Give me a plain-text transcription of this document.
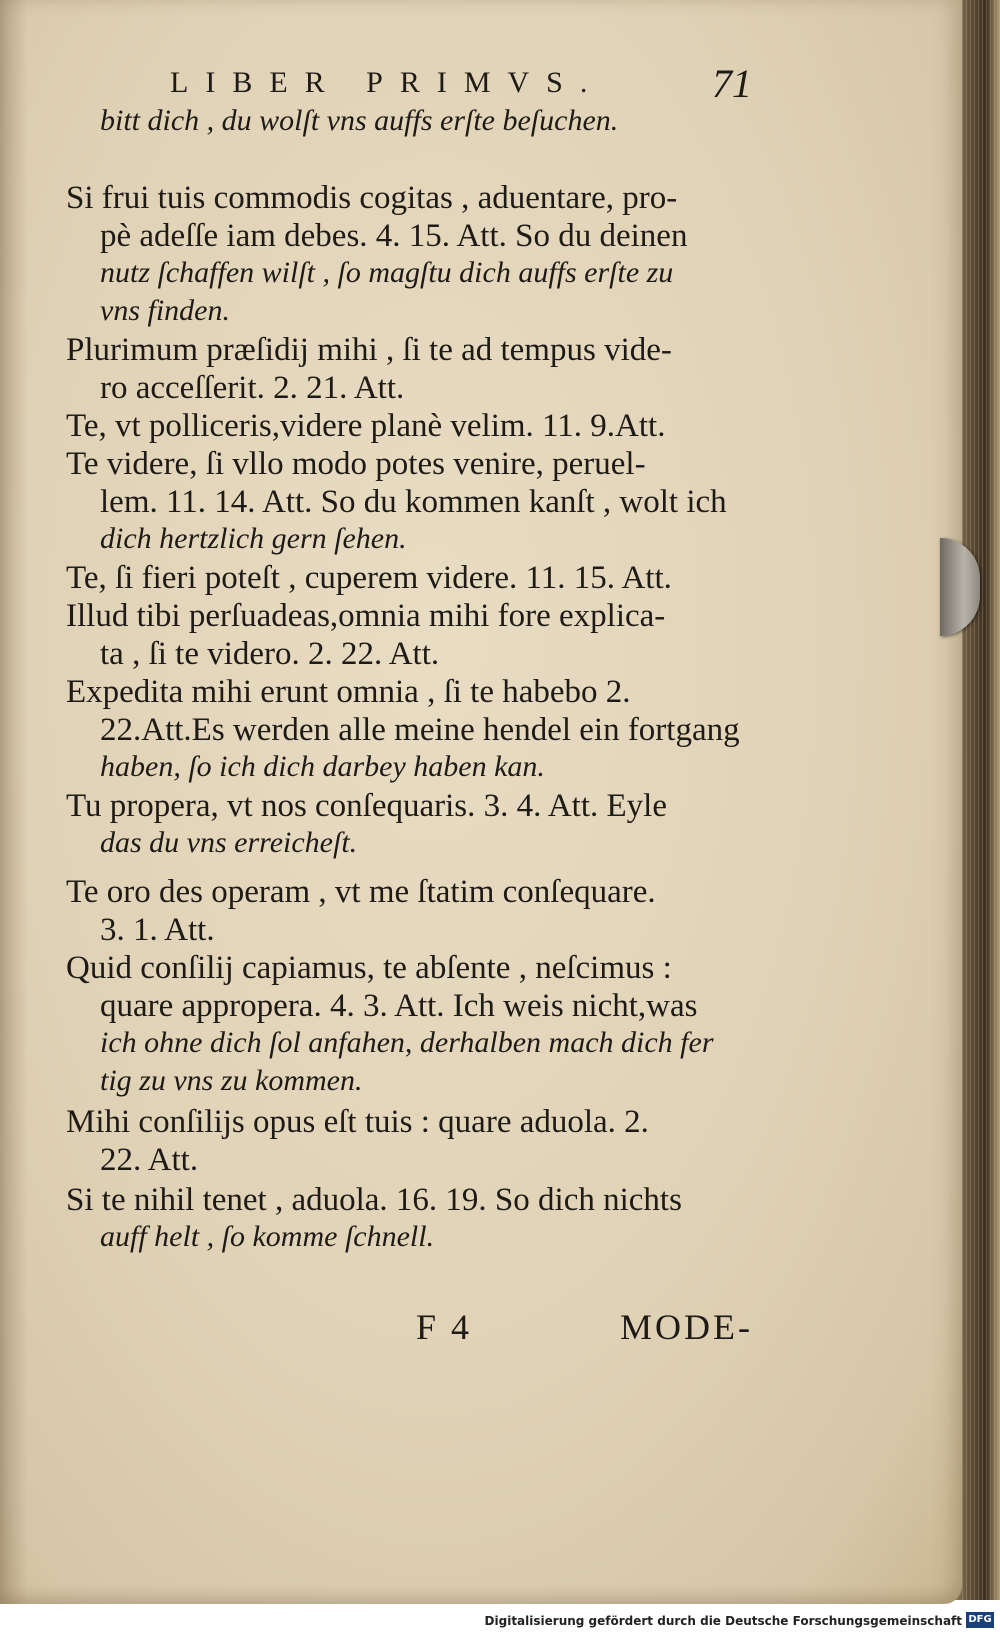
LIBER PRIMVS.	71
bitt dich , du wolſt vns auffs erſte beſuchen.
Si frui tuis commodis cogitas , aduentare, pro-
pè adeſſe iam debes. 4. 15. Att. So du deinen
nutz ſchaffen wilſt , ſo magſtu dich auffs erſte zu
vns finden.
Plurimum præſidij mihi , ſi te ad tempus vide-
ro acceſſerit. 2. 21. Att.
Te, vt polliceris,videre planè velim. 11. 9.Att.
Te videre, ſi vllo modo potes venire, peruel-
lem. 11. 14. Att. So du kommen kanſt , wolt ich
dich hertzlich gern ſehen.
Te, ſi fieri poteſt , cuperem videre. 11. 15. Att.
Illud tibi perſuadeas,omnia mihi fore explica-
ta , ſi te videro. 2. 22. Att.
Expedita mihi erunt omnia , ſi te habebo 2.
22.Att.Es werden alle meine hendel ein fortgang
haben, ſo ich dich darbey haben kan.
Tu propera, vt nos conſequaris. 3. 4. Att. Eyle
das du vns erreicheſt.
Te oro des operam , vt me ſtatim conſequare.
3. 1. Att.
Quid conſilij capiamus, te abſente , neſcimus :
quare appropera. 4. 3. Att. Ich weis nicht,was
ich ohne dich ſol anfahen, derhalben mach dich fer
tig zu vns zu kommen.
Mihi conſilijs opus eſt tuis : quare aduola. 2.
22. Att.
Si te nihil tenet , aduola. 16. 19. So dich nichts
auff helt , ſo komme ſchnell.
F 4	MODE-
Digitalisierung gefördert durch die Deutsche Forschungsgemeinschaft DFG
